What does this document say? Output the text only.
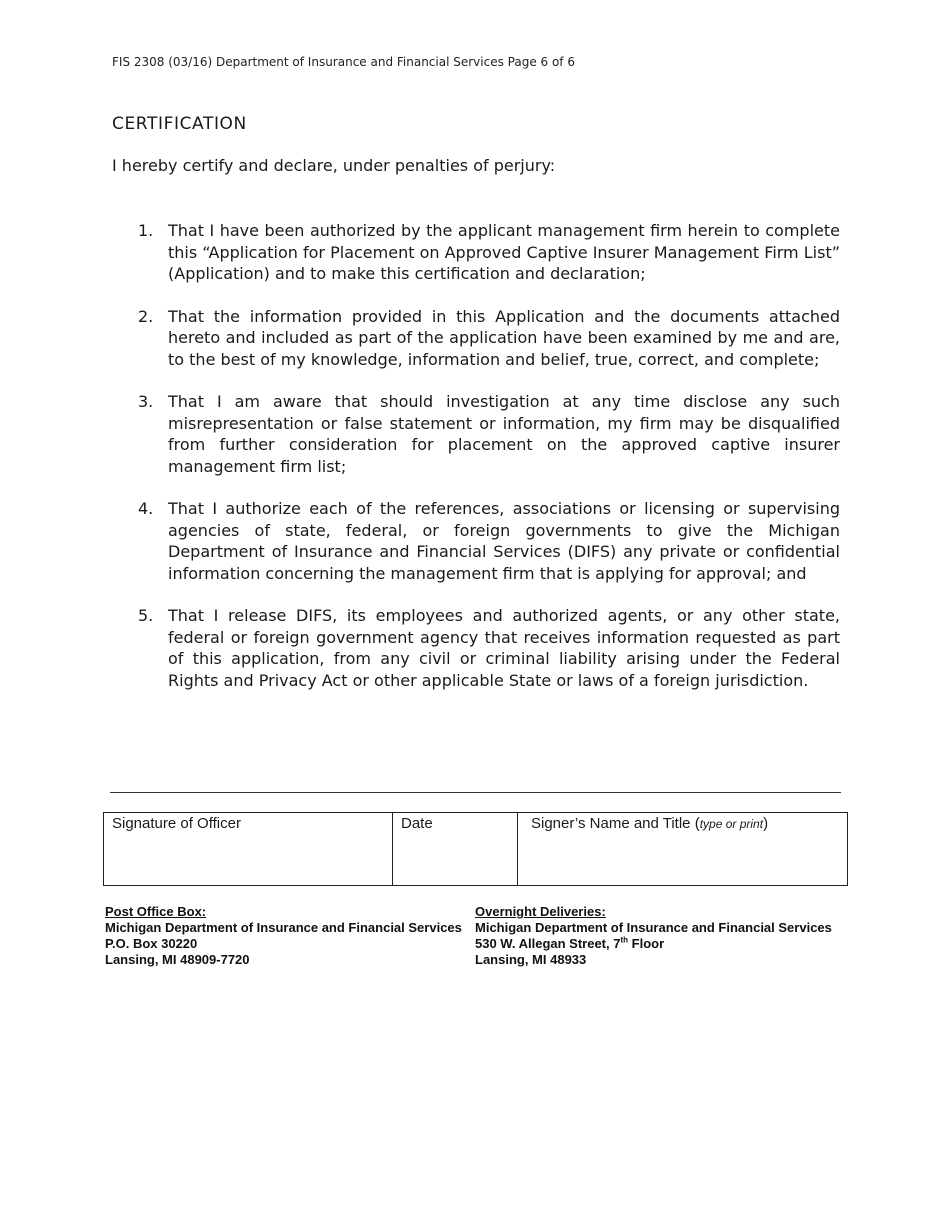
FIS 2308 (03/16) Department of Insurance and Financial Services Page 6 of 6
CERTIFICATION
I hereby certify and declare, under penalties of perjury:
1. That I have been authorized by the applicant management firm herein to complete this “Application for Placement on Approved Captive Insurer Management Firm List” (Application) and to make this certification and declaration;
2. That the information provided in this Application and the documents attached hereto and included as part of the application have been examined by me and are, to the best of my knowledge, information and belief, true, correct, and complete;
3. That I am aware that should investigation at any time disclose any such misrepresentation or false statement or information, my firm may be disqualified from further consideration for placement on the approved captive insurer management firm list;
4. That I authorize each of the references, associations or licensing or supervising agencies of state, federal, or foreign governments to give the Michigan Department of Insurance and Financial Services (DIFS) any private or confidential information concerning the management firm that is applying for approval; and
5. That I release DIFS, its employees and authorized agents, or any other state, federal or foreign government agency that receives information requested as part of this application, from any civil or criminal liability arising under the Federal Rights and Privacy Act or other applicable State or laws of a foreign jurisdiction.
Signature of Officer	Date	Signer’s Name and Title (type or print)
Post Office Box:
Michigan Department of Insurance and Financial Services
P.O. Box 30220
Lansing, MI 48909-7720
Overnight Deliveries:
Michigan Department of Insurance and Financial Services
530 W. Allegan Street, 7th Floor
Lansing, MI 48933
